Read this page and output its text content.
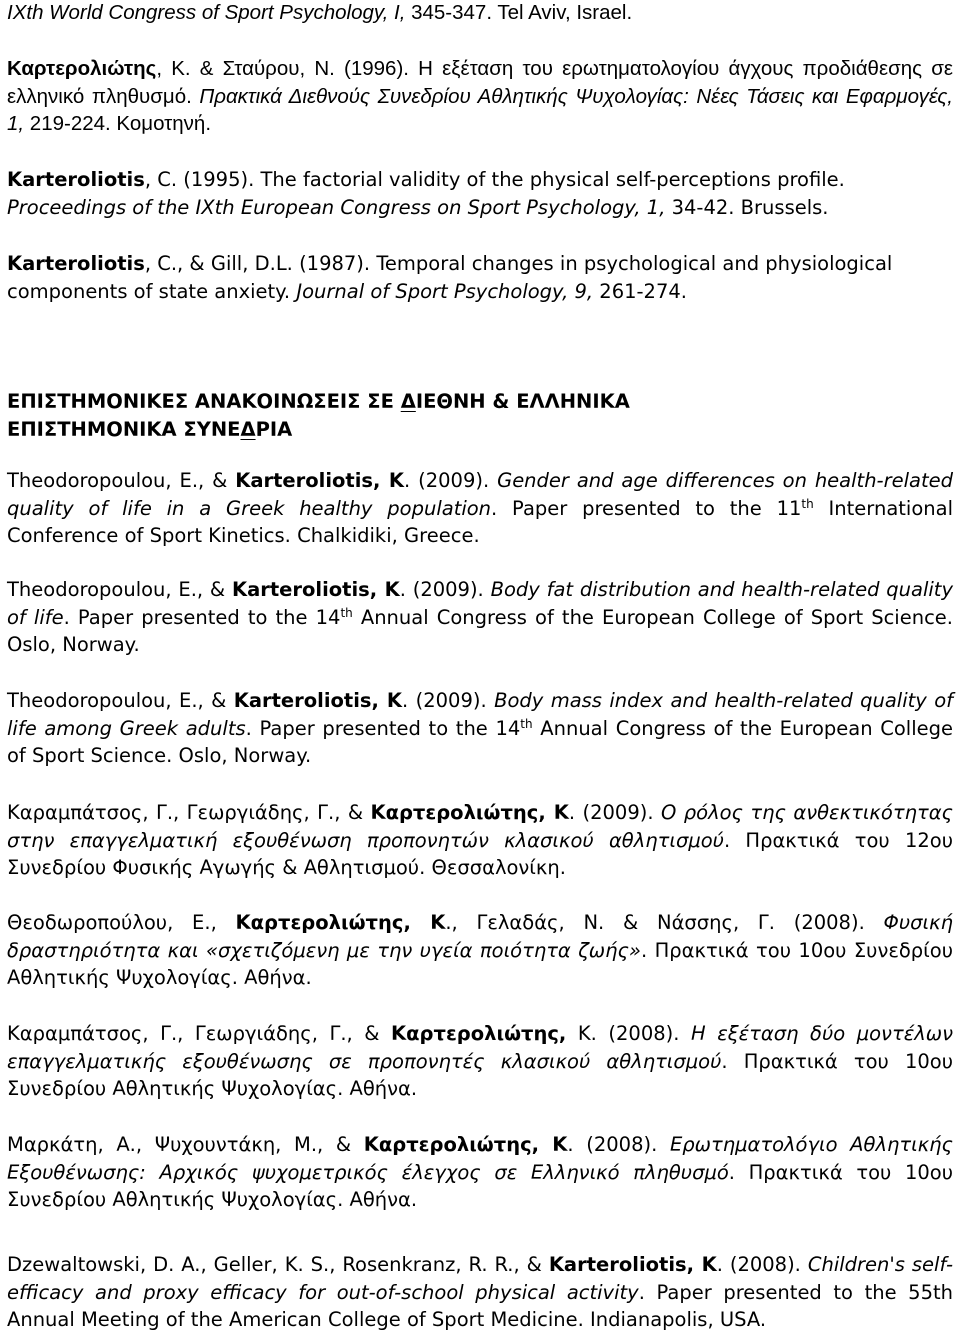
IXth World Congress of Sport Psychology, I, 345-347. Tel Aviv, Israel.

Καρτερολιώτης, Κ. & Σταύρου, Ν. (1996). Η εξέταση του ερωτηματολογίου άγχους προδιάθεσης σε ελληνικό πληθυσμό. Πρακτικά Διεθνούς Συνεδρίου Αθλητικής Ψυχολογίας: Νέες Τάσεις και Εφαρμογές, 1, 219-224. Κομοτηνή.

Karteroliotis, C. (1995). The factorial validity of the physical self-perceptions profile. Proceedings of the IXth European Congress on Sport Psychology, 1, 34-42. Brussels.

Karteroliotis, C., & Gill, D.L. (1987). Temporal changes in psychological and physiological components of state anxiety. Journal of Sport Psychology, 9, 261-274.

ΕΠΙΣΤΗΜΟΝΙΚΕΣ ΑΝΑΚΟΙΝΩΣΕΙΣ ΣΕ ΔΙΕΘΝΗ & ΕΛΛΗΝΙΚΑ
ΕΠΙΣΤΗΜΟΝΙΚΑ ΣΥΝΕΔΡΙΑ

Theodoropoulou, E., & Karteroliotis, K. (2009). Gender and age differences on health-related quality of life in a Greek healthy population. Paper presented to the 11th International Conference of Sport Kinetics. Chalkidiki, Greece.

Theodoropoulou, E., & Karteroliotis, K. (2009). Body fat distribution and health-related quality of life. Paper presented to the 14th Annual Congress of the European College of Sport Science. Oslo, Norway.

Theodoropoulou, E., & Karteroliotis, K. (2009). Body mass index and health-related quality of life among Greek adults. Paper presented to the 14th Annual Congress of the European College of Sport Science. Oslo, Norway.

Καραμπάτσος, Γ., Γεωργιάδης, Γ., & Καρτερολιώτης, Κ. (2009). Ο ρόλος της ανθεκτικότητας στην επαγγελματική εξουθένωση προπονητών κλασικού αθλητισμού. Πρακτικά του 12ου Συνεδρίου Φυσικής Αγωγής & Αθλητισμού. Θεσσαλονίκη.

Θεοδωροπούλου, Ε., Καρτερολιώτης, Κ., Γελαδάς, Ν. & Νάσσης, Γ. (2008). Φυσική δραστηριότητα και «σχετιζόμενη με την υγεία ποιότητα ζωής». Πρακτικά του 10ου Συνεδρίου Αθλητικής Ψυχολογίας. Αθήνα.

Καραμπάτσος, Γ., Γεωργιάδης, Γ., & Καρτερολιώτης, Κ. (2008). Η εξέταση δύο μοντέλων επαγγελματικής εξουθένωσης σε προπονητές κλασικού αθλητισμού. Πρακτικά του 10ου Συνεδρίου Αθλητικής Ψυχολογίας. Αθήνα.

Μαρκάτη, Α., Ψυχουντάκη, Μ., & Καρτερολιώτης, Κ. (2008). Ερωτηματολόγιο Αθλητικής Εξουθένωσης: Αρχικός ψυχομετρικός έλεγχος σε Ελληνικό πληθυσμό. Πρακτικά του 10ου Συνεδρίου Αθλητικής Ψυχολογίας. Αθήνα.

Dzewaltowski, D. A., Geller, K. S., Rosenkranz, R. R., & Karteroliotis, K. (2008). Children's self-efficacy and proxy efficacy for out-of-school physical activity. Paper presented to the 55th Annual Meeting of the American College of Sport Medicine. Indianapolis, USA.
